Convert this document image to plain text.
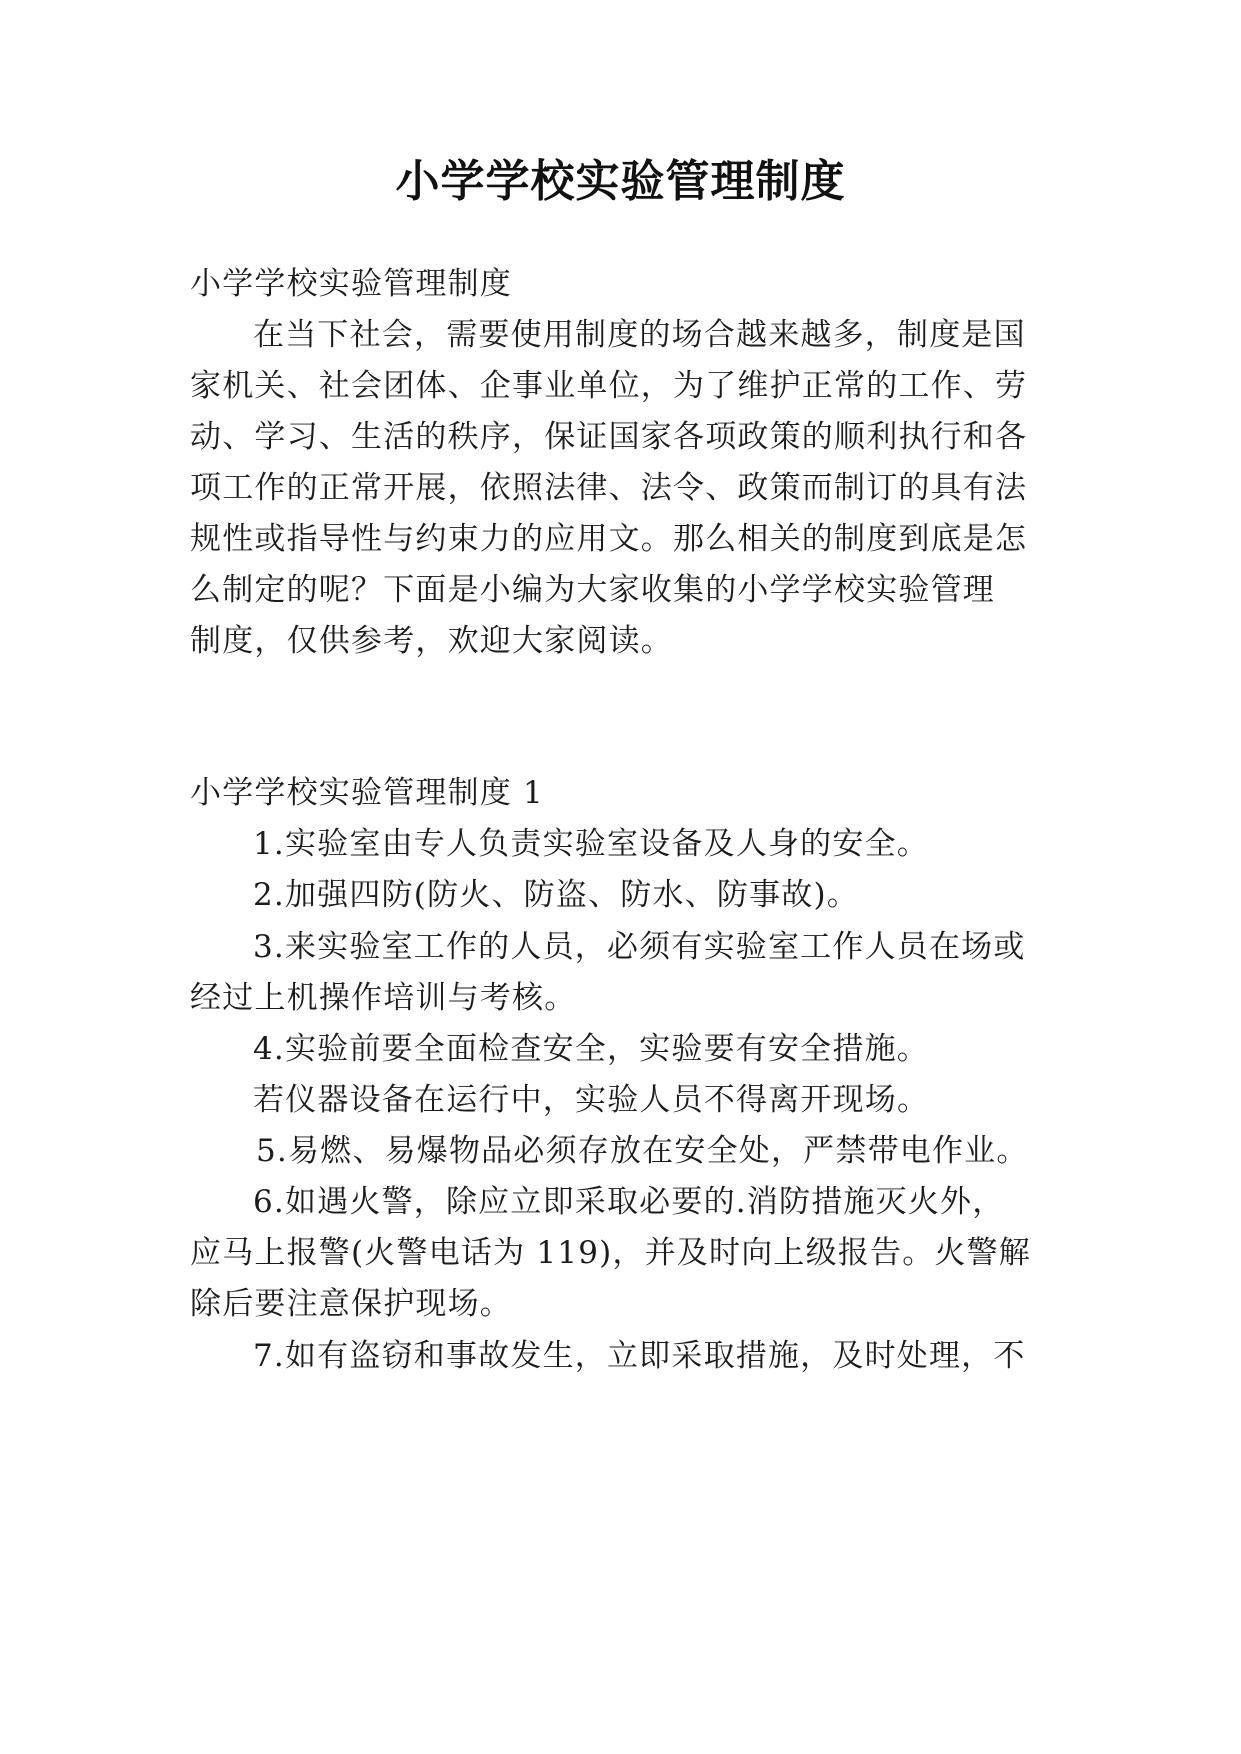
小学学校实验管理制度
小学学校实验管理制度
在当下社会，需要使用制度的场合越来越多，制度是国
家机关、社会团体、企事业单位，为了维护正常的工作、劳
动、学习、生活的秩序，保证国家各项政策的顺利执行和各
项工作的正常开展，依照法律、法令、政策而制订的具有法
规性或指导性与约束力的应用文。那么相关的制度到底是怎
么制定的呢？下面是小编为大家收集的小学学校实验管理
制度，仅供参考，欢迎大家阅读。
小学学校实验管理制度 1
1.实验室由专人负责实验室设备及人身的安全。
2.加强四防(防火、防盗、防水、防事故)。
3.来实验室工作的人员，必须有实验室工作人员在场或
经过上机操作培训与考核。
4.实验前要全面检查安全，实验要有安全措施。
若仪器设备在运行中，实验人员不得离开现场。
5.易燃、易爆物品必须存放在安全处，严禁带电作业。
6.如遇火警，除应立即采取必要的.消防措施灭火外，
应马上报警(火警电话为 119)，并及时向上级报告。火警解
除后要注意保护现场。
7.如有盗窃和事故发生，立即采取措施，及时处理，不
